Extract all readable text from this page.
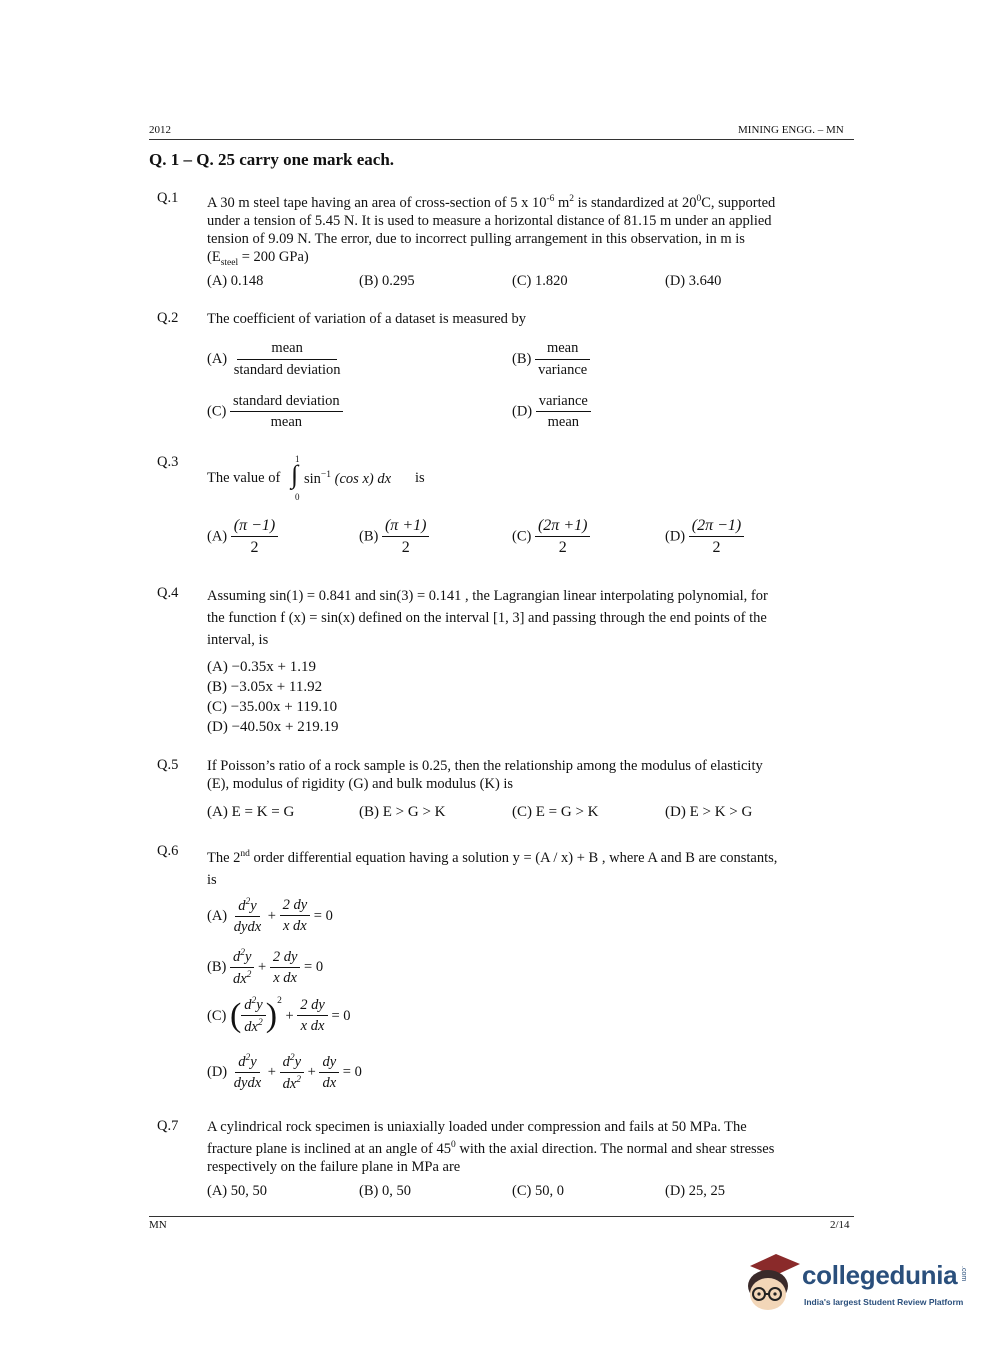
2012	MINING ENGG. – MN
Q. 1 – Q. 25 carry one mark each.
Q.1 A 30 m steel tape having an area of cross-section of 5 x $10^{-6}$ $m^2$ is standardized at $20^0C$, supported
under a tension of 5.45 N. It is used to measure a horizontal distance of 81.15 m under an applied
tension of 9.09 N. The error, due to incorrect pulling arrangement in this observation, in m is
($E_{steel} = 200$ GPa)
(A) 0.148	(B) 0.295	(C) 1.820	(D) 3.640
Q.2 The coefficient of variation of a dataset is measured by
$(A) \frac{\text{mean}}{\text{standard deviation}}$	$(B) \frac{\text{mean}}{\text{variance}}$
$(C) \frac{\text{standard deviation}}{\text{mean}}$	$(D) \frac{\text{variance}}{\text{mean}}$
Q.3
The value of
1
∫
0
$\sin^{-1} (\cos$ x) dx is
$(A) \frac{(\pi -1)}{2}$	$(B) \frac{(\pi +1)}{2}$	$(C) \frac{(2\pi +1)}{2}$	$(D) \frac{(2\pi -1)}{2}$
Q.4 Assuming sin(1) = 0.841 and sin(3) = 0.141 , the Lagrangian linear interpolating polynomial, for
the function f (x) = sin(x) defined on the interval [1, 3] and passing through the end points of the
interval, is
(A) −0.35x + 1.19
(B) −3.05x + 11.92
(C) −35.00x + 119.10
(D) −40.50x + 219.19
Q.5 If Poisson’s ratio of a rock sample is 0.25, then the relationship among the modulus of elasticity
(E), modulus of rigidity (G) and bulk modulus (K) is
(A) E = K = G	(B) E > G > K	(C) E = G > K	(D) E > K > G
Q.6 The 2nd order differential equation having a solution y = (A / x) + B , where A and B are constants,
is
(A)
$\frac{d^2y}{\text{dydx}} + \frac{2 dy}{\text{x dx}} = 0$
(B)
$\frac{d^2y}{dx^2} + \frac{2 dy}{\text{x dx}} = 0$
(C)
( $\frac{d^2y}{dx^2} )^2$
+ $\frac{2 dy}{\text{x dx}} = 0$
(D)
$\frac{d^2y}{\text{dydx}} + \frac{d^2y}{dx^2} + \frac{dy}{dx} = 0$
Q.7 A cylindrical rock specimen is uniaxially loaded under compression and fails at 50 MPa. The
fracture plane is inclined at an angle of $45^0$ with the axial direction. The normal and shear stresses
respectively on the failure plane in MPa are
(A) 50, 50	(B) 0, 50	(C) 50, 0	(D) 25, 25
MN	2/14
collegedunia .com
India's largest Student Review Platform
